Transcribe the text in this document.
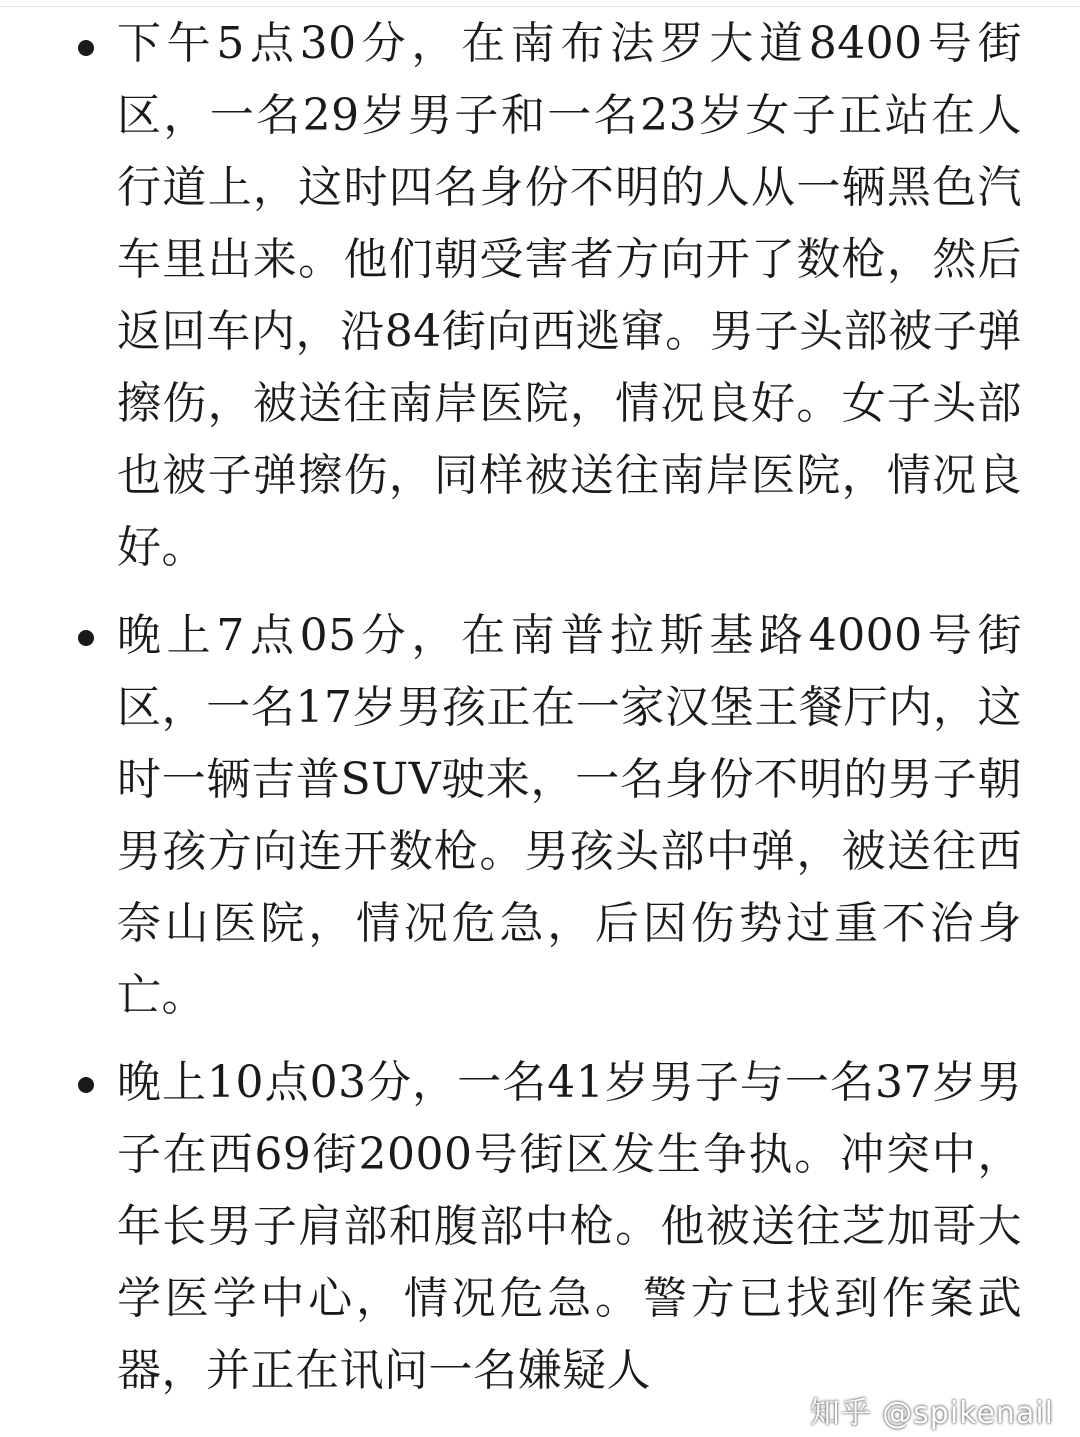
下午5点30分，在南布法罗大道8400号街区，一名29岁男子和一名23岁女子正站在人行道上，这时四名身份不明的人从一辆黑色汽车里出来。他们朝受害者方向开了数枪，然后返回车内，沿84街向西逃窜。男子头部被子弹擦伤，被送往南岸医院，情况良好。女子头部也被子弹擦伤，同样被送往南岸医院，情况良好。

晚上7点05分，在南普拉斯基路4000号街区，一名17岁男孩正在一家汉堡王餐厅内，这时一辆吉普SUV驶来，一名身份不明的男子朝男孩方向连开数枪。男孩头部中弹，被送往西奈山医院，情况危急，后因伤势过重不治身亡。

晚上10点03分，一名41岁男子与一名37岁男子在西69街2000号街区发生争执。冲突中，年长男子肩部和腹部中枪。他被送往芝加哥大学医学中心，情况危急。警方已找到作案武器，并正在讯问一名嫌疑人

知乎 @spikenail
